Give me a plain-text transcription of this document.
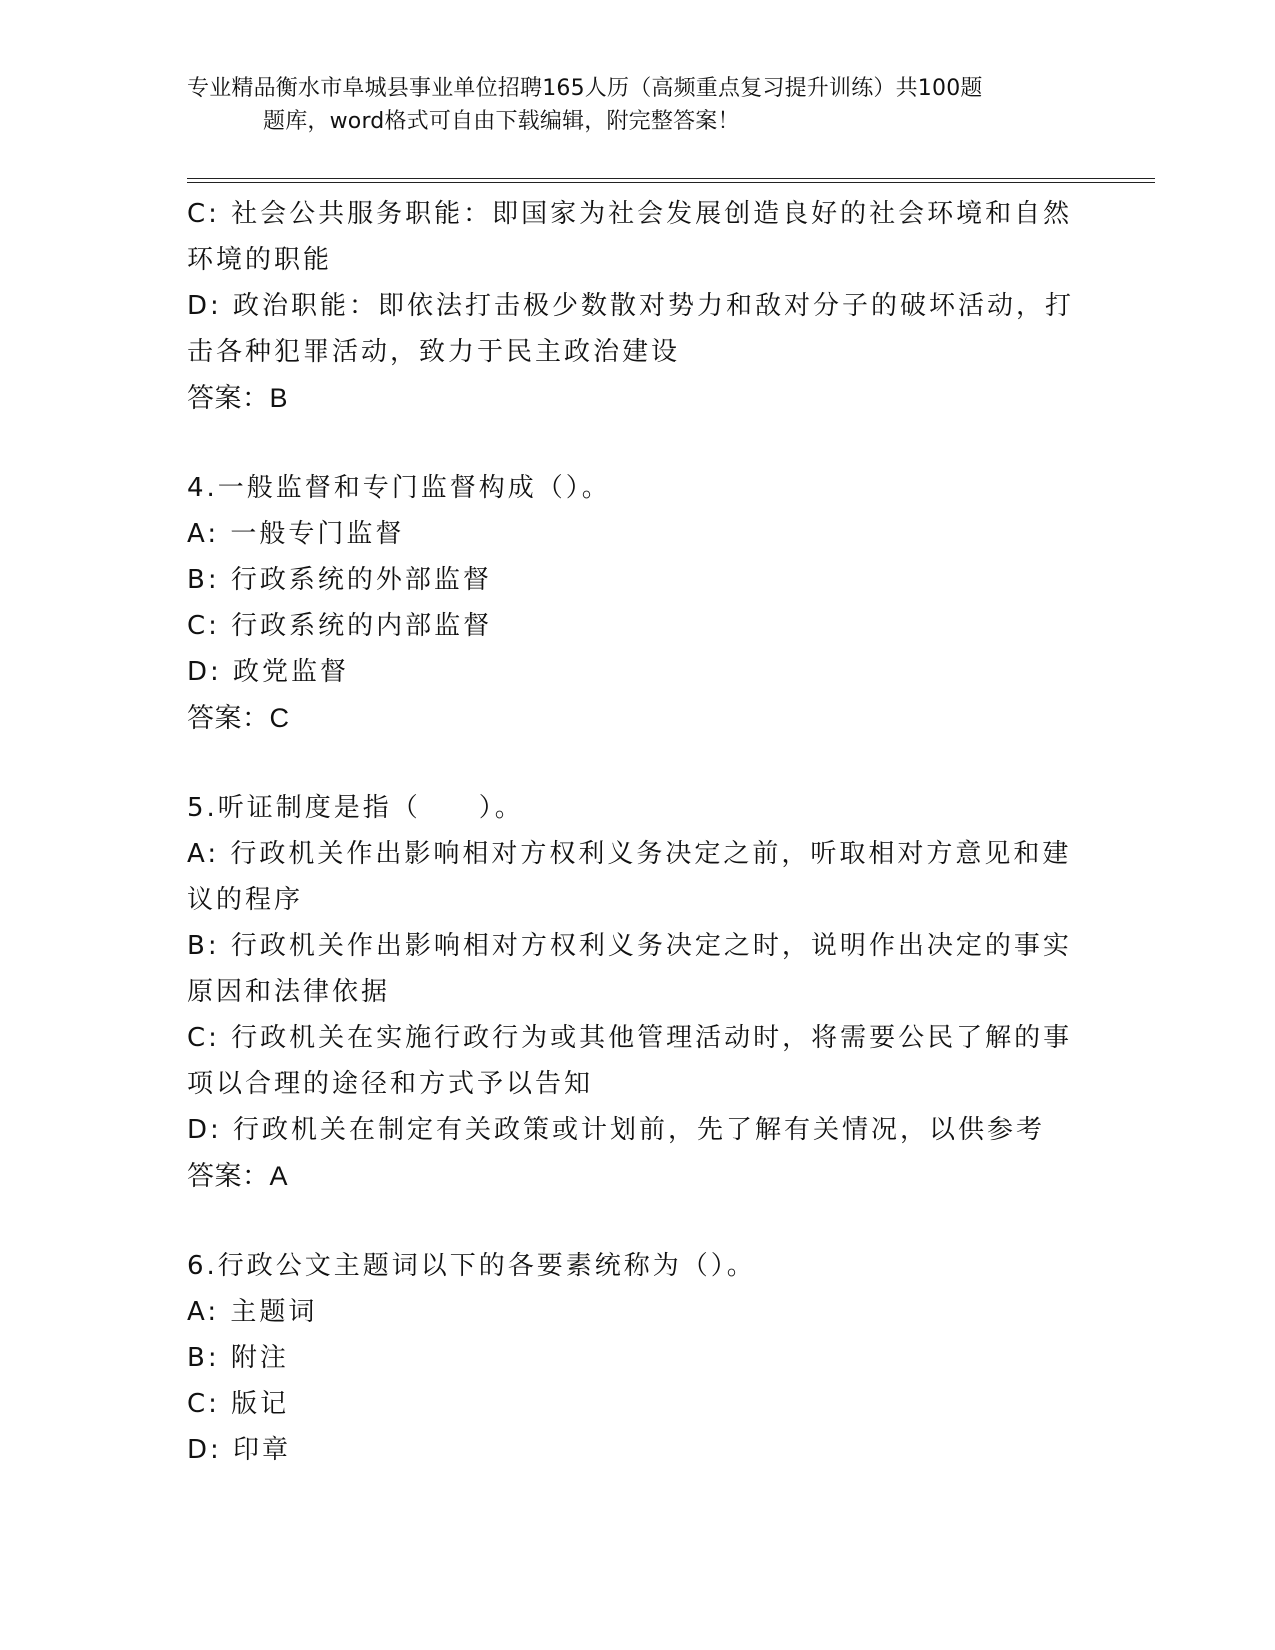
专业精品衡水市阜城县事业单位招聘165人历（高频重点复习提升训练）共100题
题库，word格式可自由下载编辑，附完整答案！

C: 社会公共服务职能：即国家为社会发展创造良好的社会环境和自然环境的职能

D: 政治职能：即依法打击极少数散对势力和敌对分子的破坏活动，打击各种犯罪活动，致力于民主政治建设

答案：B

4.一般监督和专门监督构成（）。

A: 一般专门监督

B: 行政系统的外部监督

C: 行政系统的内部监督

D: 政党监督

答案：C

5.听证制度是指（　　）。

A: 行政机关作出影响相对方权利义务决定之前，听取相对方意见和建议的程序

B: 行政机关作出影响相对方权利义务决定之时，说明作出决定的事实原因和法律依据

C: 行政机关在实施行政行为或其他管理活动时，将需要公民了解的事项以合理的途径和方式予以告知

D: 行政机关在制定有关政策或计划前，先了解有关情况，以供参考

答案：A

6.行政公文主题词以下的各要素统称为（）。

A: 主题词

B: 附注

C: 版记

D: 印章
